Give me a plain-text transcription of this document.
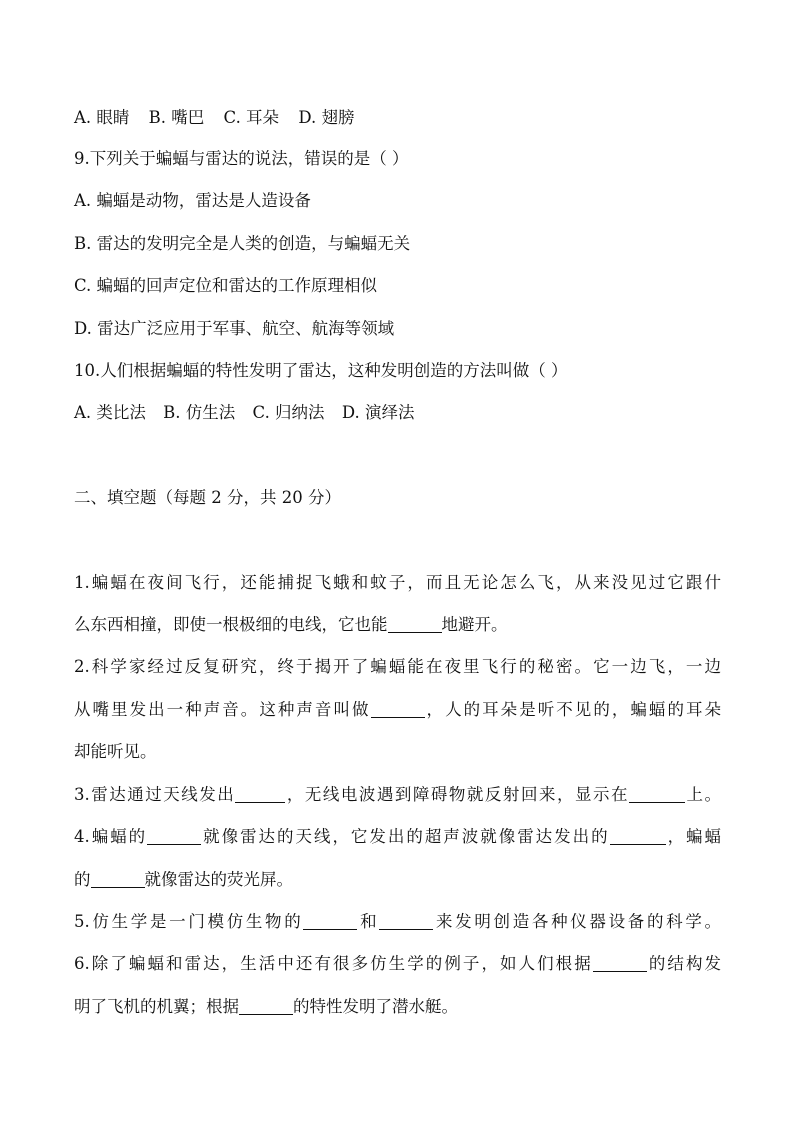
A. 眼睛 B. 嘴巴 C. 耳朵 D. 翅膀
9.下列关于蝙蝠与雷达的说法，错误的是（ ）
A. 蝙蝠是动物，雷达是人造设备
B. 雷达的发明完全是人类的创造，与蝙蝠无关
C. 蝙蝠的回声定位和雷达的工作原理相似
D. 雷达广泛应用于军事、航空、航海等领域
10.人们根据蝙蝠的特性发明了雷达，这种发明创造的方法叫做（ ）
A. 类比法 B. 仿生法 C. 归纳法 D. 演绎法
二、填空题（每题 2 分，共 20 分）
1.蝙蝠在夜间飞行，还能捕捉飞蛾和蚊子，而且无论怎么飞，从来没见过它跟什
么东西相撞，即使一根极细的电线，它也能	地避开。
2.科学家经过反复研究，终于揭开了蝙蝠能在夜里飞行的秘密。它一边飞，一边
从嘴里发出一种声音。这种声音叫做	，人的耳朵是听不见的，蝙蝠的耳朵
却能听见。
3.雷达通过天线发出	，无线电波遇到障碍物就反射回来，显示在	上。
4.蝙蝠的	就像雷达的天线，它发出的超声波就像雷达发出的	，蝙蝠
的	就像雷达的荧光屏。
5.仿生学是一门模仿生物的	和	来发明创造各种仪器设备的科学。
6.除了蝙蝠和雷达，生活中还有很多仿生学的例子，如人们根据	的结构发
明了飞机的机翼；根据	的特性发明了潜水艇。
